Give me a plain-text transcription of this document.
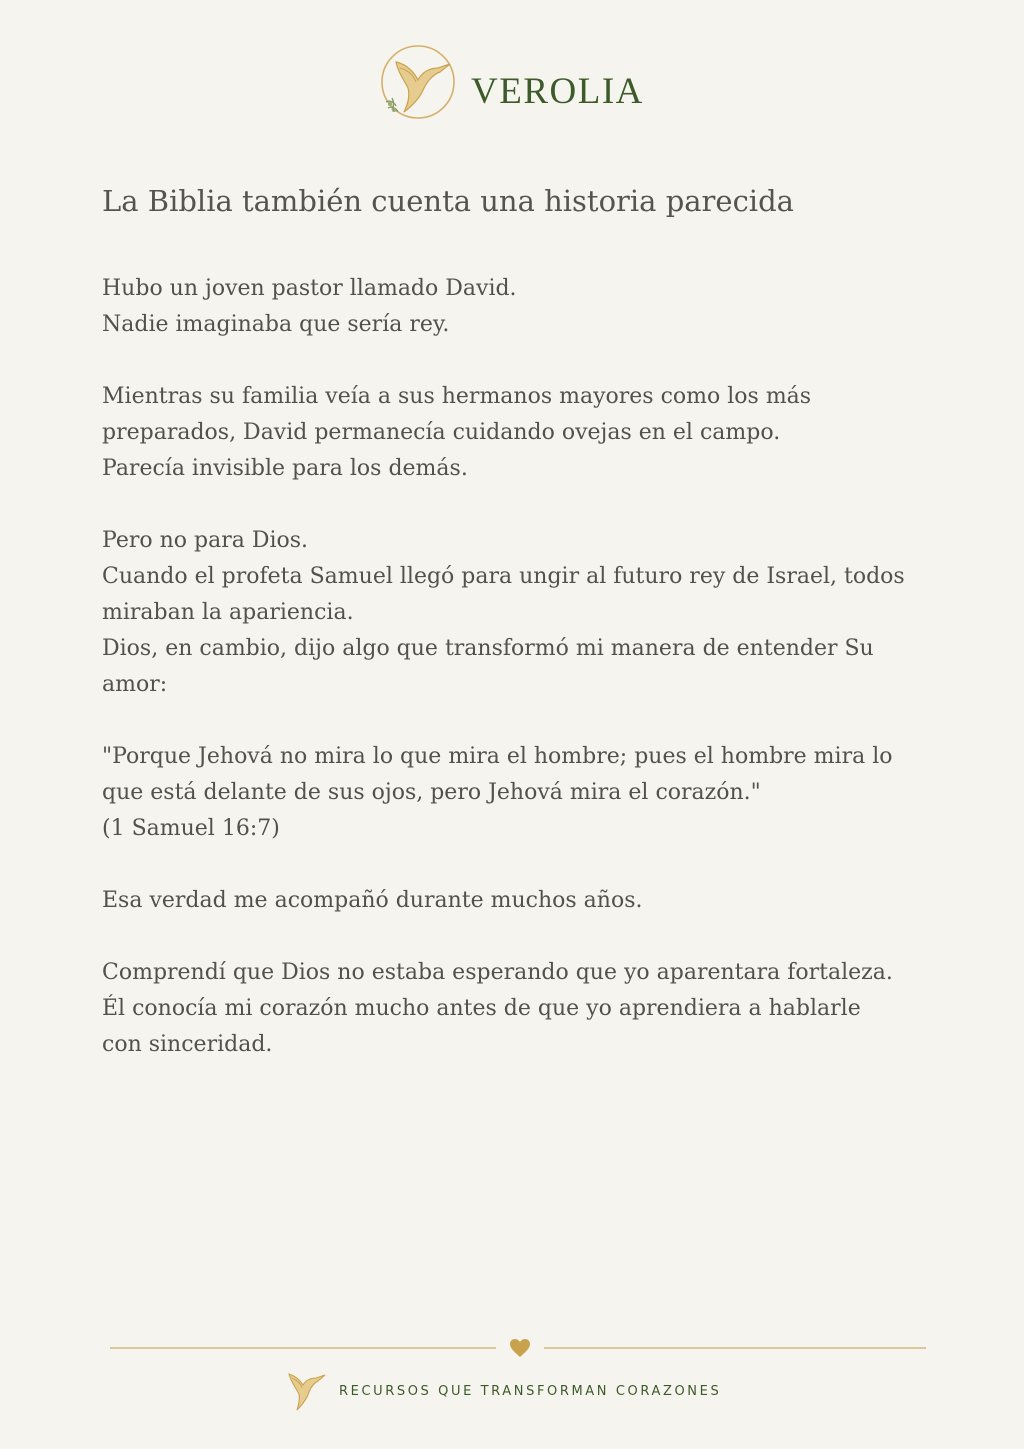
VEROLIA
La Biblia también cuenta una historia parecida
Hubo un joven pastor llamado David.
Nadie imaginaba que sería rey.
Mientras su familia veía a sus hermanos mayores como los más
preparados, David permanecía cuidando ovejas en el campo.
Parecía invisible para los demás.
Pero no para Dios.
Cuando el profeta Samuel llegó para ungir al futuro rey de Israel, todos
miraban la apariencia.
Dios, en cambio, dijo algo que transformó mi manera de entender Su
amor:
"Porque Jehová no mira lo que mira el hombre; pues el hombre mira lo
que está delante de sus ojos, pero Jehová mira el corazón."
(1 Samuel 16:7)
Esa verdad me acompañó durante muchos años.
Comprendí que Dios no estaba esperando que yo aparentara fortaleza.
Él conocía mi corazón mucho antes de que yo aprendiera a hablarle
con sinceridad.
RECURSOS QUE TRANSFORMAN CORAZONES
